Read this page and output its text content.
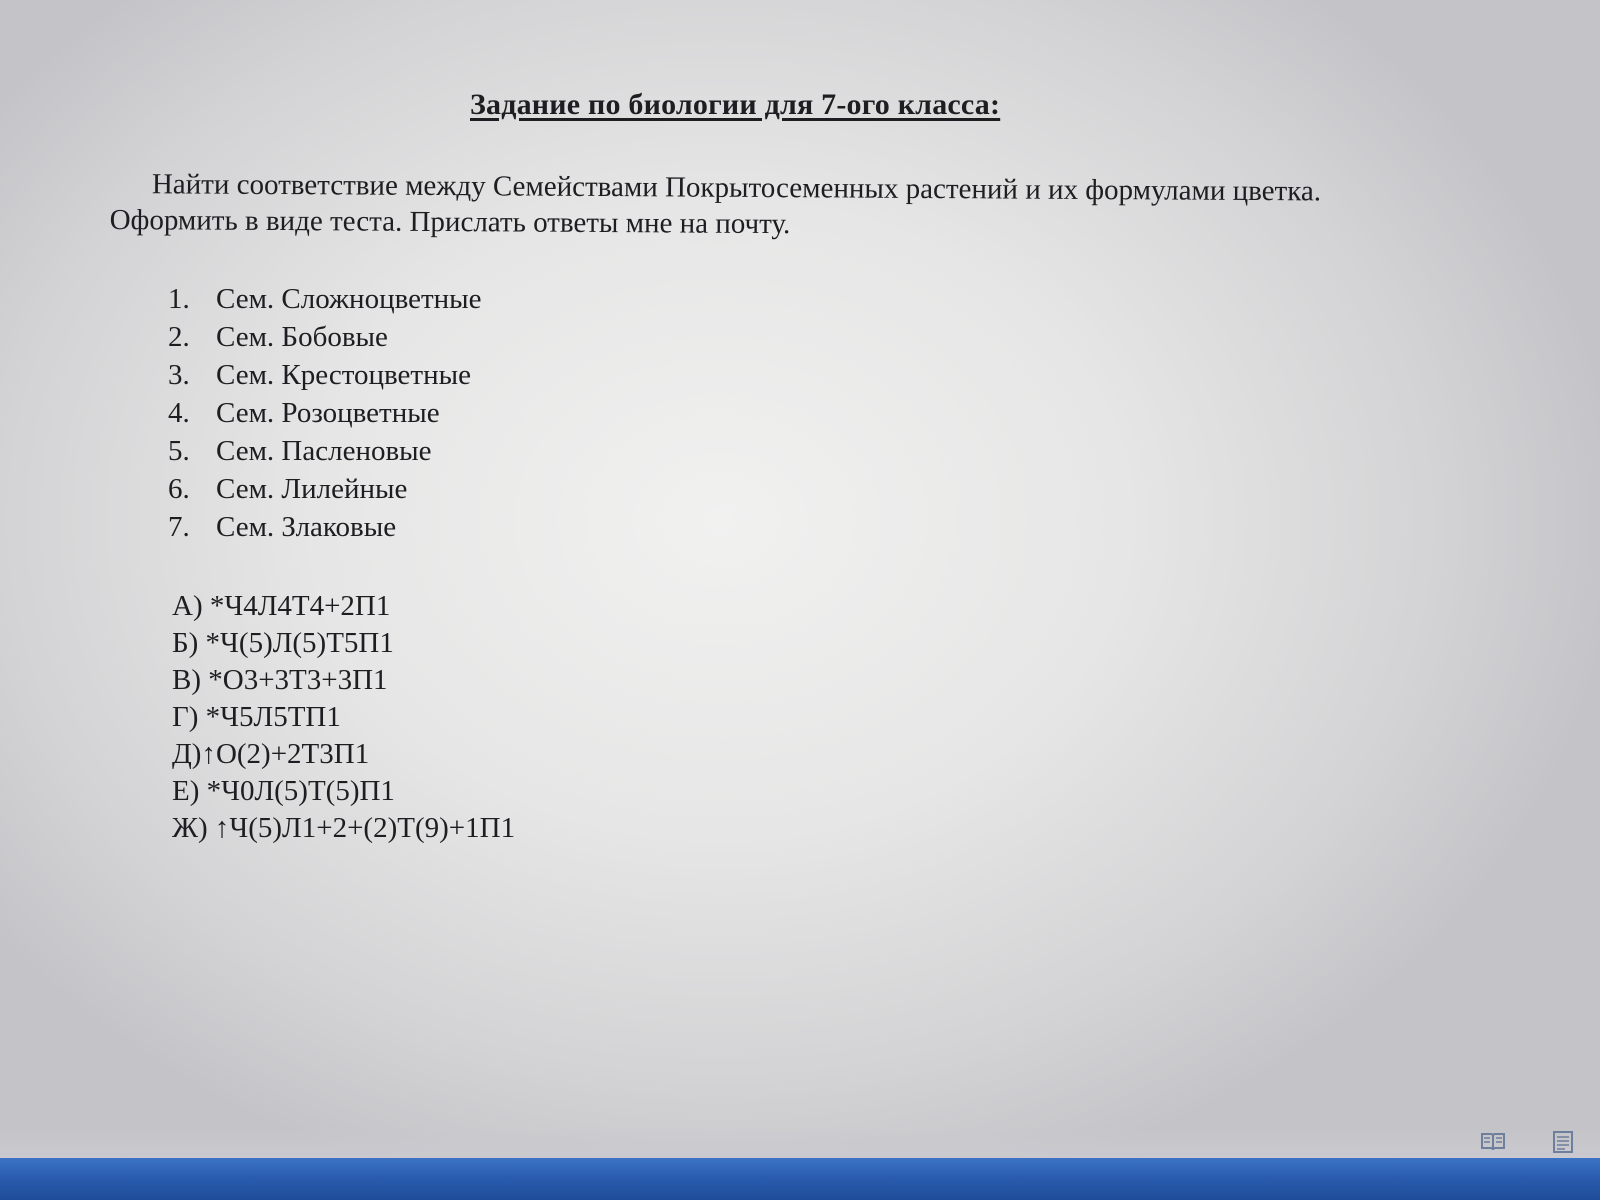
Задание по биологии для 7-ого класса:
Найти соответствие между Семействами Покрытосеменных растений и их формулами цветка. Оформить в виде теста. Прислать ответы мне на почту.
1. Сем. Сложноцветные
2. Сем. Бобовые
3. Сем. Крестоцветные
4. Сем. Розоцветные
5. Сем. Пасленовые
6. Сем. Лилейные
7. Сем. Злаковые
А) *Ч4Л4Т4+2П1
Б) *Ч(5)Л(5)Т5П1
В) *О3+3Т3+3П1
Г) *Ч5Л5ТП1
Д)↑О(2)+2Т3П1
Е) *Ч0Л(5)Т(5)П1
Ж) ↑Ч(5)Л1+2+(2)Т(9)+1П1
